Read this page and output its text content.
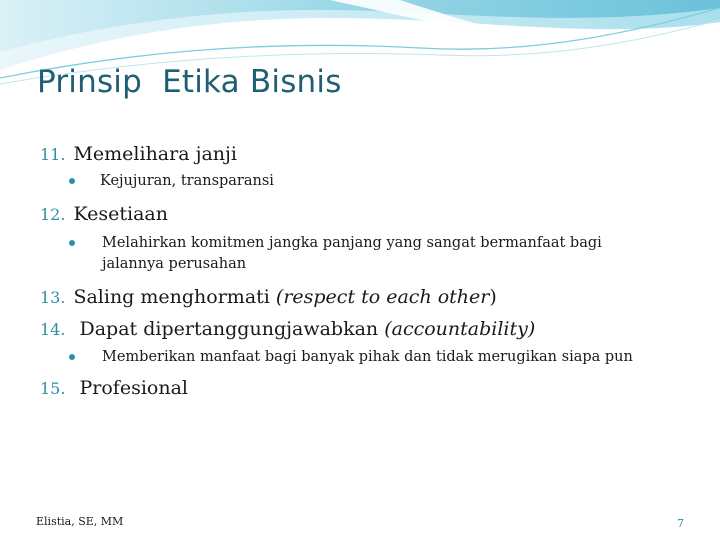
Prinsip  Etika Bisnis
11. Memelihara janji
Kejujuran, transparansi
12. Kesetiaan
Melahirkan komitmen jangka panjang yang sangat bermanfaat bagi jalannya perusahan
13. Saling menghormati (respect to each other)
14. Dapat dipertanggungjawabkan (accountability)
Memberikan manfaat bagi banyak pihak dan tidak merugikan siapa pun
15. Profesional
Elistia, SE, MM	7
